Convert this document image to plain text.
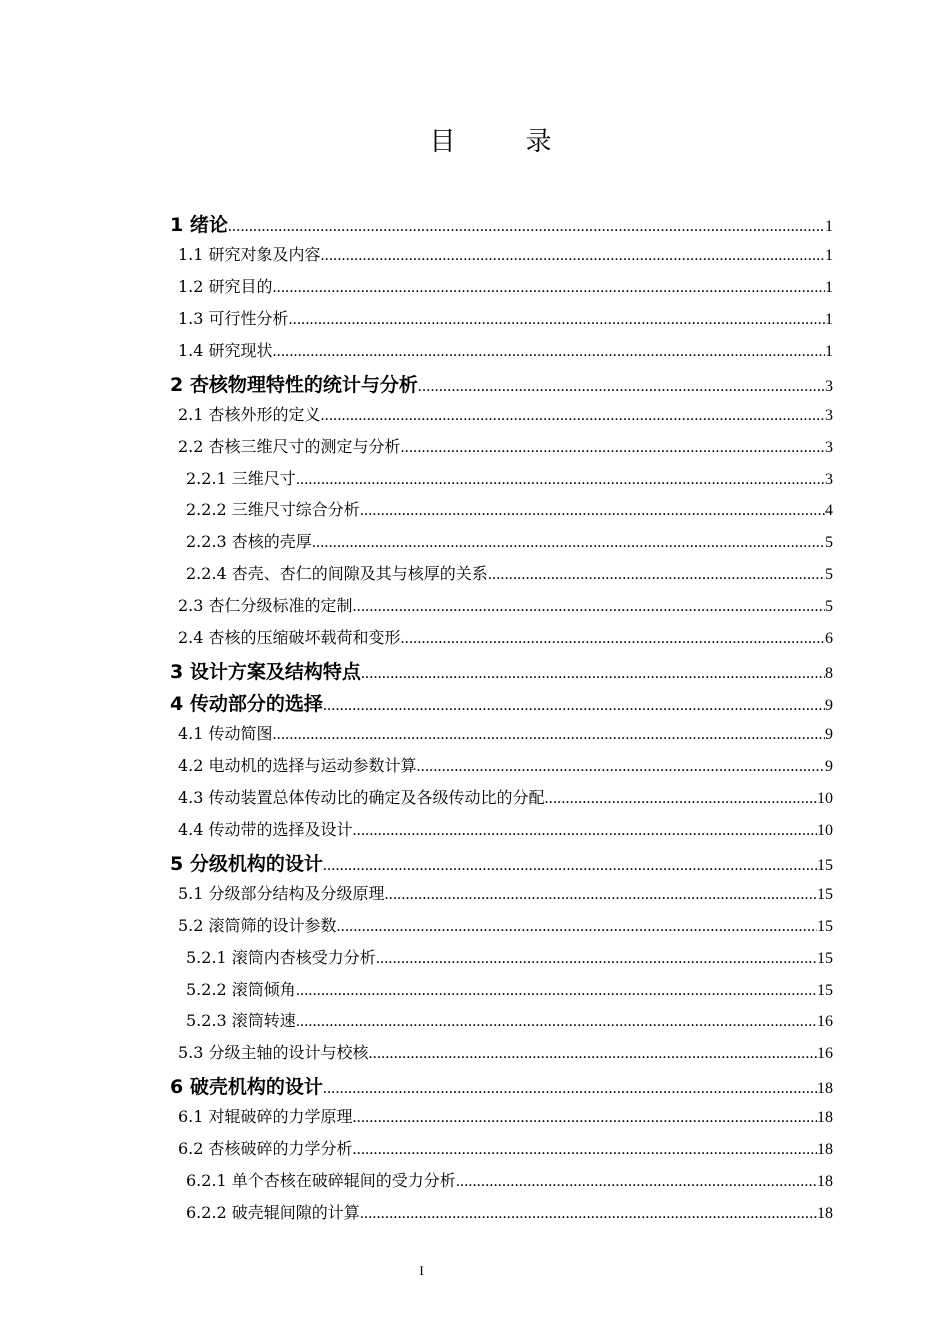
目　录
1 绪论 .....	1
1.1 研究对象及内容 .....	1
1.2 研究目的 .....	1
1.3 可行性分析 .....	1
1.4 研究现状 .....	1
2 杏核物理特性的统计与分析 .....	3
2.1 杏核外形的定义 .....	3
2.2 杏核三维尺寸的测定与分析 .....	3
2.2.1 三维尺寸 .....	3
2.2.2 三维尺寸综合分析 .....	4
2.2.3 杏核的壳厚 .....	5
2.2.4 杏壳、杏仁的间隙及其与核厚的关系 .....	5
2.3 杏仁分级标准的定制 .....	5
2.4 杏核的压缩破坏载荷和变形 .....	6
3 设计方案及结构特点 .....	8
4 传动部分的选择 .....	9
4.1 传动简图 .....	9
4.2 电动机的选择与运动参数计算 .....	9
4.3 传动装置总体传动比的确定及各级传动比的分配 .....	10
4.4 传动带的选择及设计 .....	10
5 分级机构的设计 .....	15
5.1 分级部分结构及分级原理 .....	15
5.2 滚筒筛的设计参数 .....	15
5.2.1 滚筒内杏核受力分析 .....	15
5.2.2 滚筒倾角 .....	15
5.2.3 滚筒转速 .....	16
5.3 分级主轴的设计与校核 .....	16
6 破壳机构的设计 .....	18
6.1 对辊破碎的力学原理 .....	18
6.2 杏核破碎的力学分析 .....	18
6.2.1 单个杏核在破碎辊间的受力分析 .....	18
6.2.2 破壳辊间隙的计算 .....	18
I
